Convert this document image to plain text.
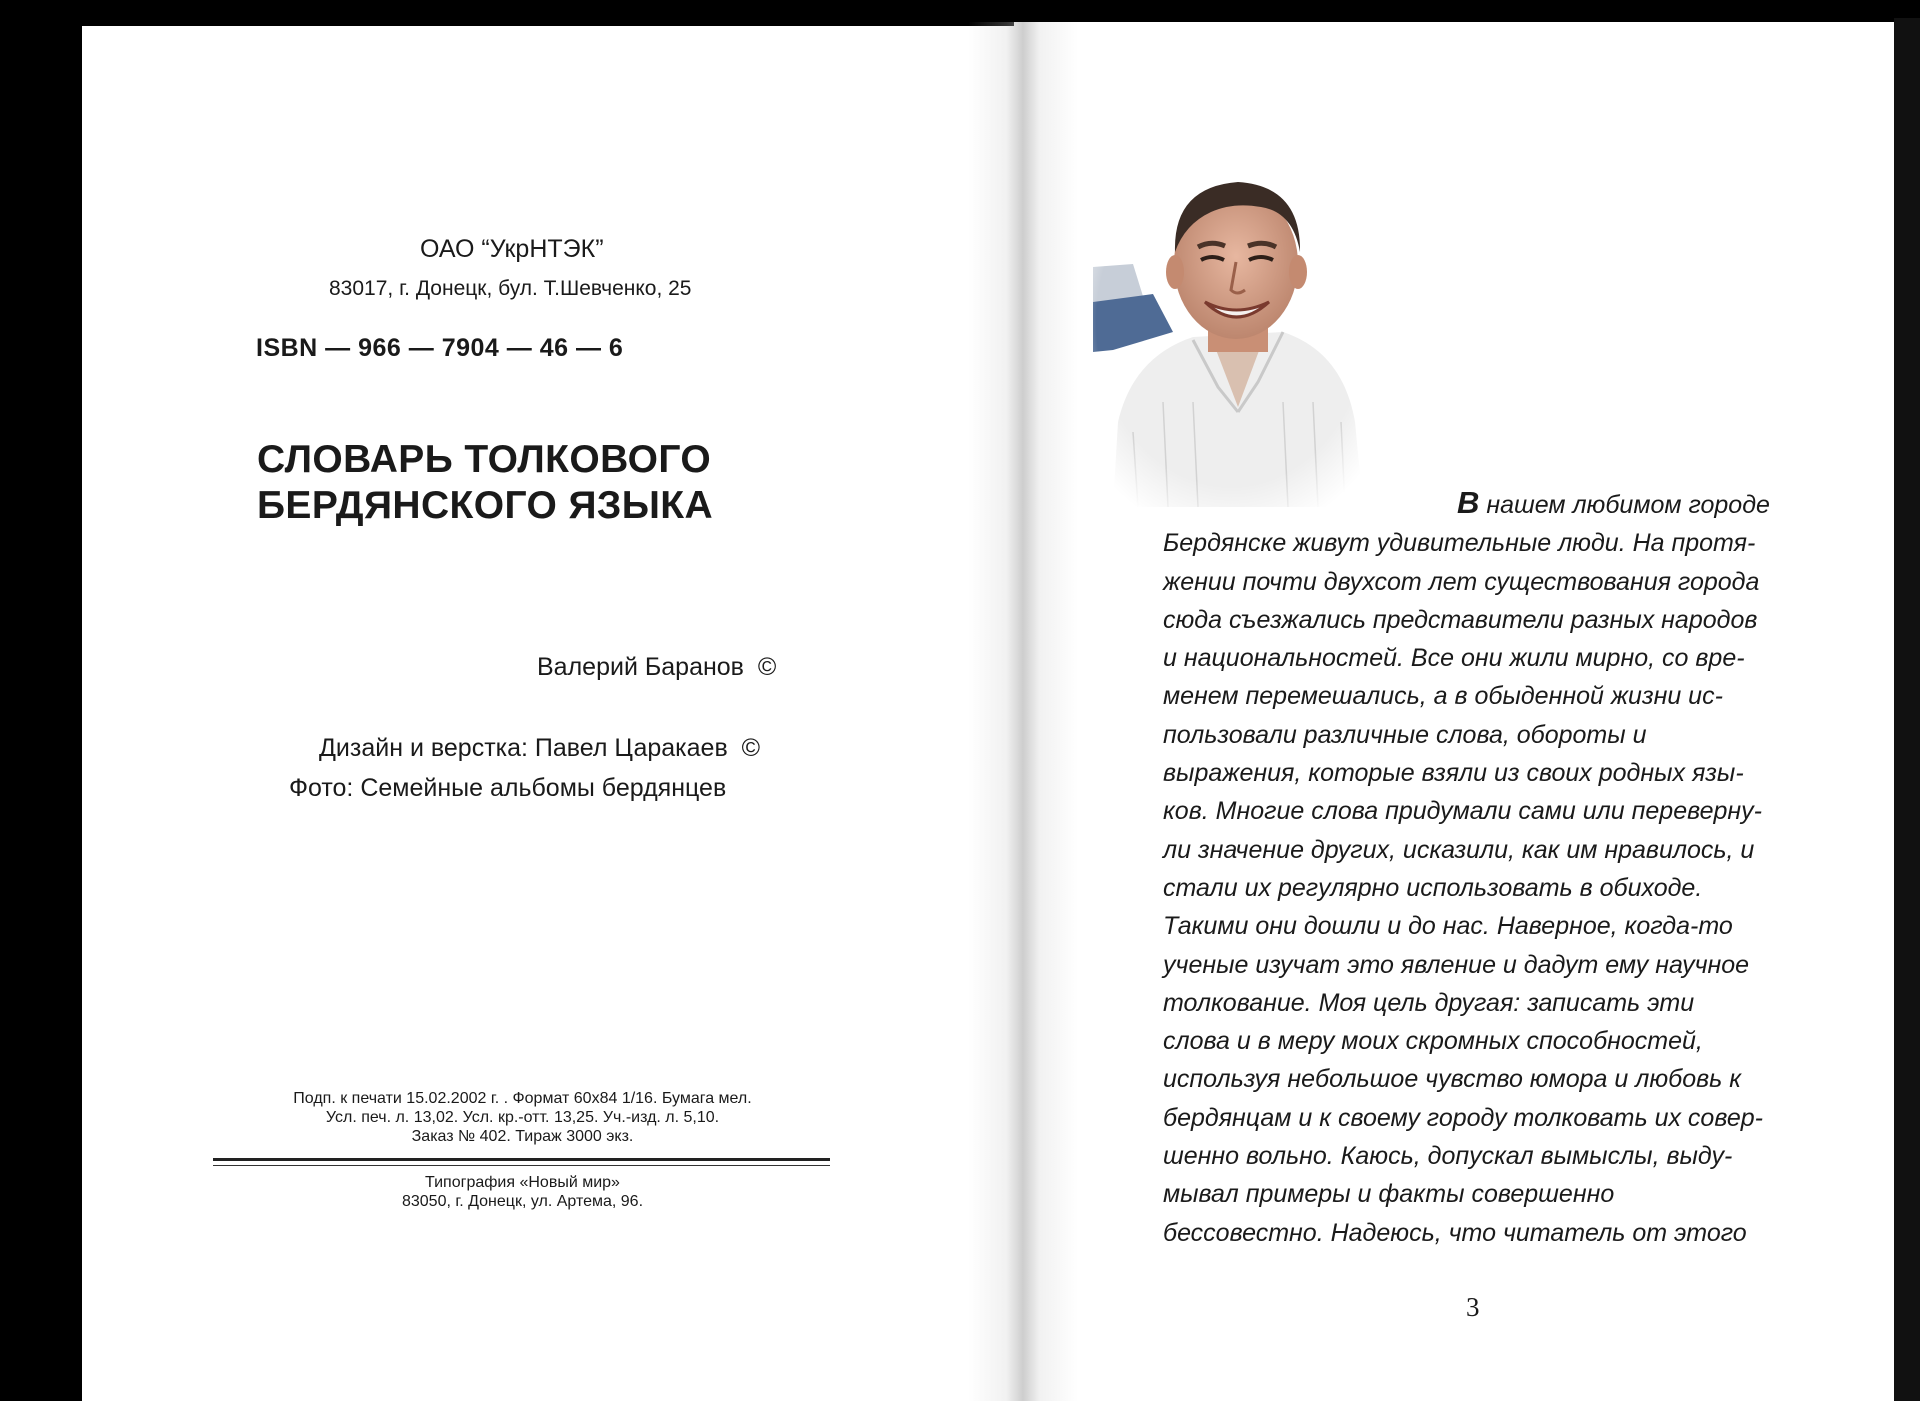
ОАО “УкрНТЭК”
83017, г. Донецк, бул. Т.Шевченко, 25
ISBN — 966 — 7904 — 46 — 6
СЛОВАРЬ ТОЛКОВОГО
БЕРДЯНСКОГО ЯЗЫКА
Валерий Баранов  ©
Дизайн и верстка: Павел Царакаев  ©
Фото: Семейные альбомы бердянцев
Подп. к печати 15.02.2002 г. . Формат 60x84 1/16. Бумага мел.
Усл. печ. л. 13,02. Усл. кр.-отт. 13,25. Уч.-изд. л. 5,10.
Заказ № 402. Тираж 3000 экз.
Типография «Новый мир»
83050, г. Донецк, ул. Артема, 96.
В нашем любимом городе
Бердянске живут удивительные люди. На протя-
жении почти двухсот лет существования города
сюда съезжались представители разных народов
и национальностей. Все они жили мирно, со вре-
менем перемешались, а в обыденной жизни ис-
пользовали различные слова, обороты и
выражения, которые взяли из своих родных язы-
ков. Многие слова придумали сами или переверну-
ли значение других, исказили, как им нравилось, и
стали их регулярно использовать в обиходе.
Такими они дошли и до нас. Наверное, когда-то
ученые изучат это явление и дадут ему научное
толкование. Моя цель другая: записать эти
слова и в меру моих скромных способностей,
используя небольшое чувство юмора и любовь к
бердянцам и к своему городу толковать их совер-
шенно вольно. Каюсь, допускал вымыслы, выду-
мывал примеры и факты совершенно
бессовестно. Надеюсь, что читатель от этого
3
